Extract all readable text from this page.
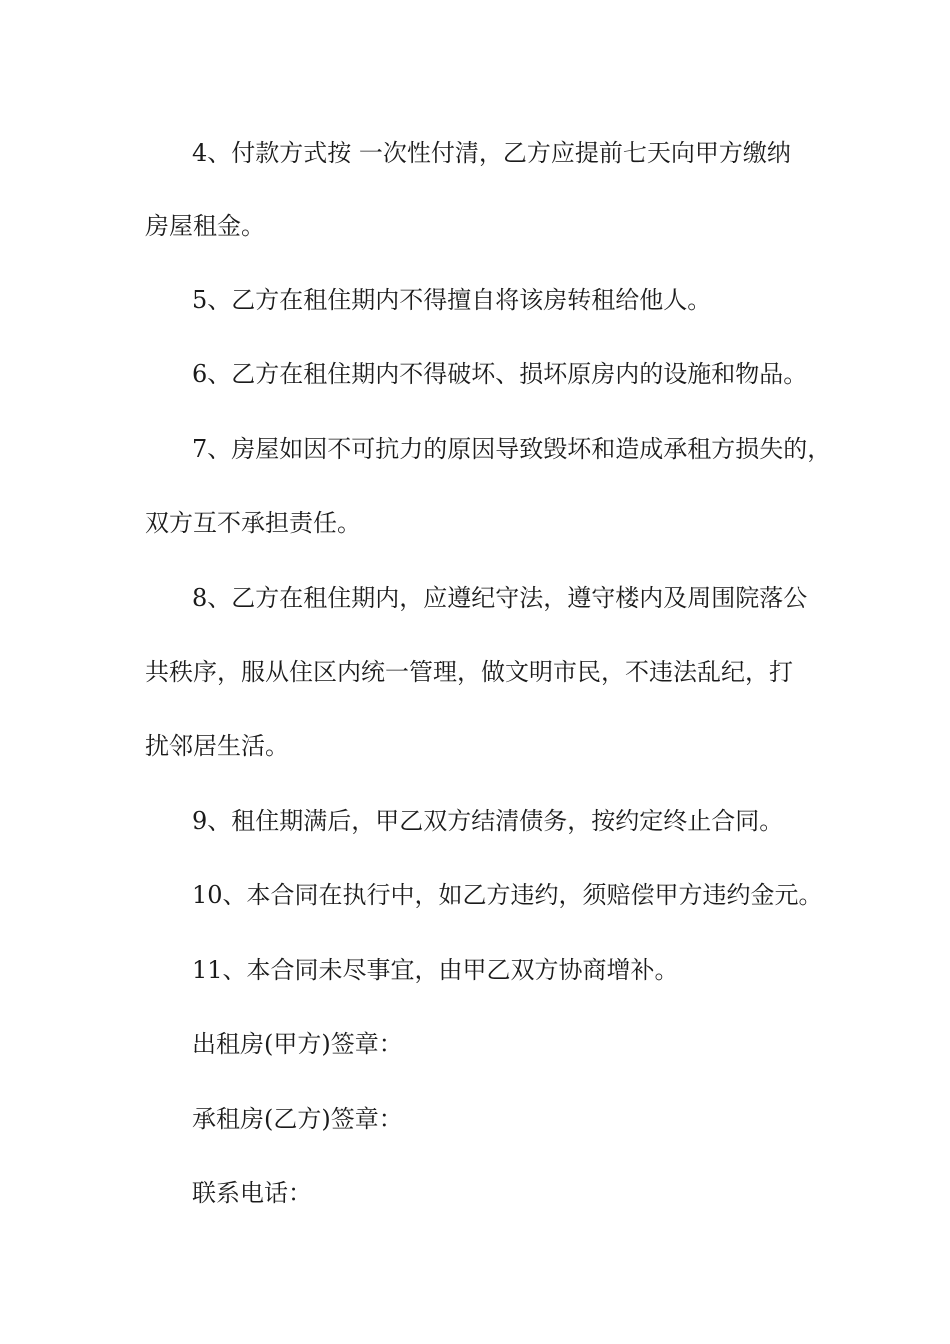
4、付款方式按 一次性付清，乙方应提前七天向甲方缴纳
房屋租金。
5、乙方在租住期内不得擅自将该房转租给他人。
6、乙方在租住期内不得破坏、损坏原房内的设施和物品。
7、房屋如因不可抗力的原因导致毁坏和造成承租方损失的，
双方互不承担责任。
8、乙方在租住期内，应遵纪守法，遵守楼内及周围院落公
共秩序，服从住区内统一管理，做文明市民，不违法乱纪，打
扰邻居生活。
9、租住期满后，甲乙双方结清债务，按约定终止合同。
10、本合同在执行中，如乙方违约，须赔偿甲方违约金元。
11、本合同未尽事宜，由甲乙双方协商增补。
出租房(甲方)签章：
承租房(乙方)签章：
联系电话：
